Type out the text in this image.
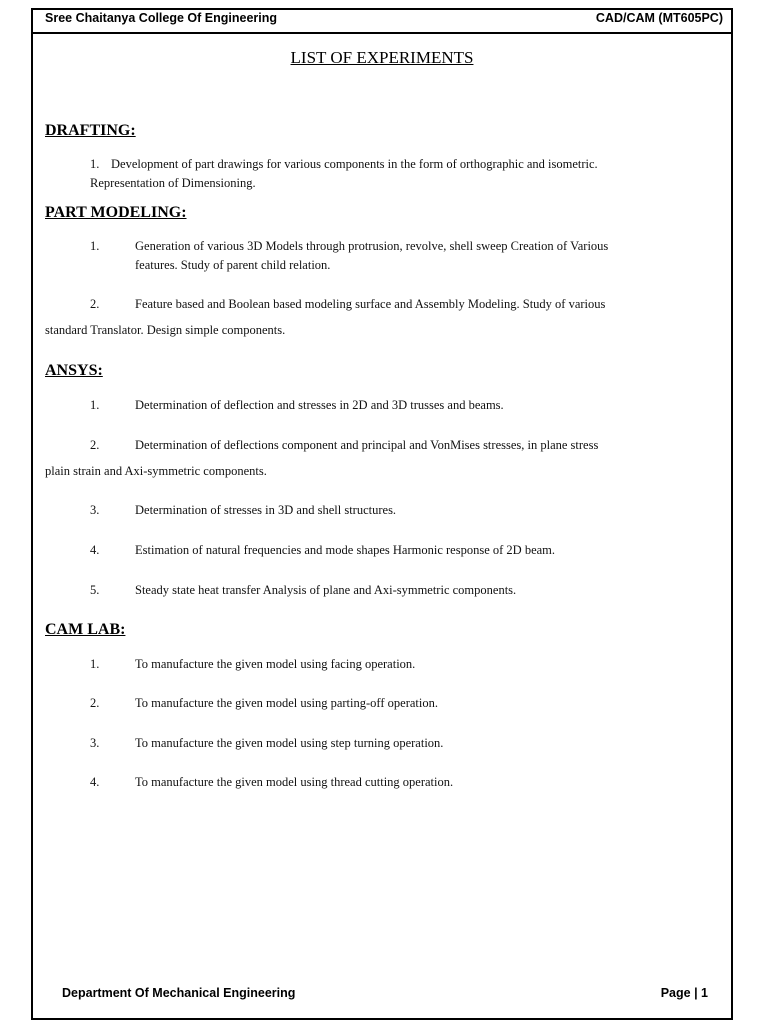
Sree Chaitanya College Of Engineering	CAD/CAM (MT605PC)
LIST OF EXPERIMENTS
DRAFTING:
1. Development of part drawings for various components in the form of orthographic and isometric.
Representation of Dimensioning.
PART MODELING:
1.	Generation of various 3D Models through protrusion, revolve, shell sweep Creation of Various
features. Study of parent child relation.
2.	Feature based and Boolean based modeling surface and Assembly Modeling. Study of various
standard Translator. Design simple components.
ANSYS:
1.	Determination of deflection and stresses in 2D and 3D trusses and beams.
2.	Determination of deflections component and principal and VonMises stresses, in plane stress
plain strain and Axi-symmetric components.
3.	Determination of stresses in 3D and shell structures.
4.	Estimation of natural frequencies and mode shapes Harmonic response of 2D beam.
5.	Steady state heat transfer Analysis of plane and Axi-symmetric components.
CAM LAB:
1.	To manufacture the given model using facing operation.
2.	To manufacture the given model using parting-off operation.
3.	To manufacture the given model using step turning operation.
4.	To manufacture the given model using thread cutting operation.
Department Of Mechanical Engineering	Page | 1
